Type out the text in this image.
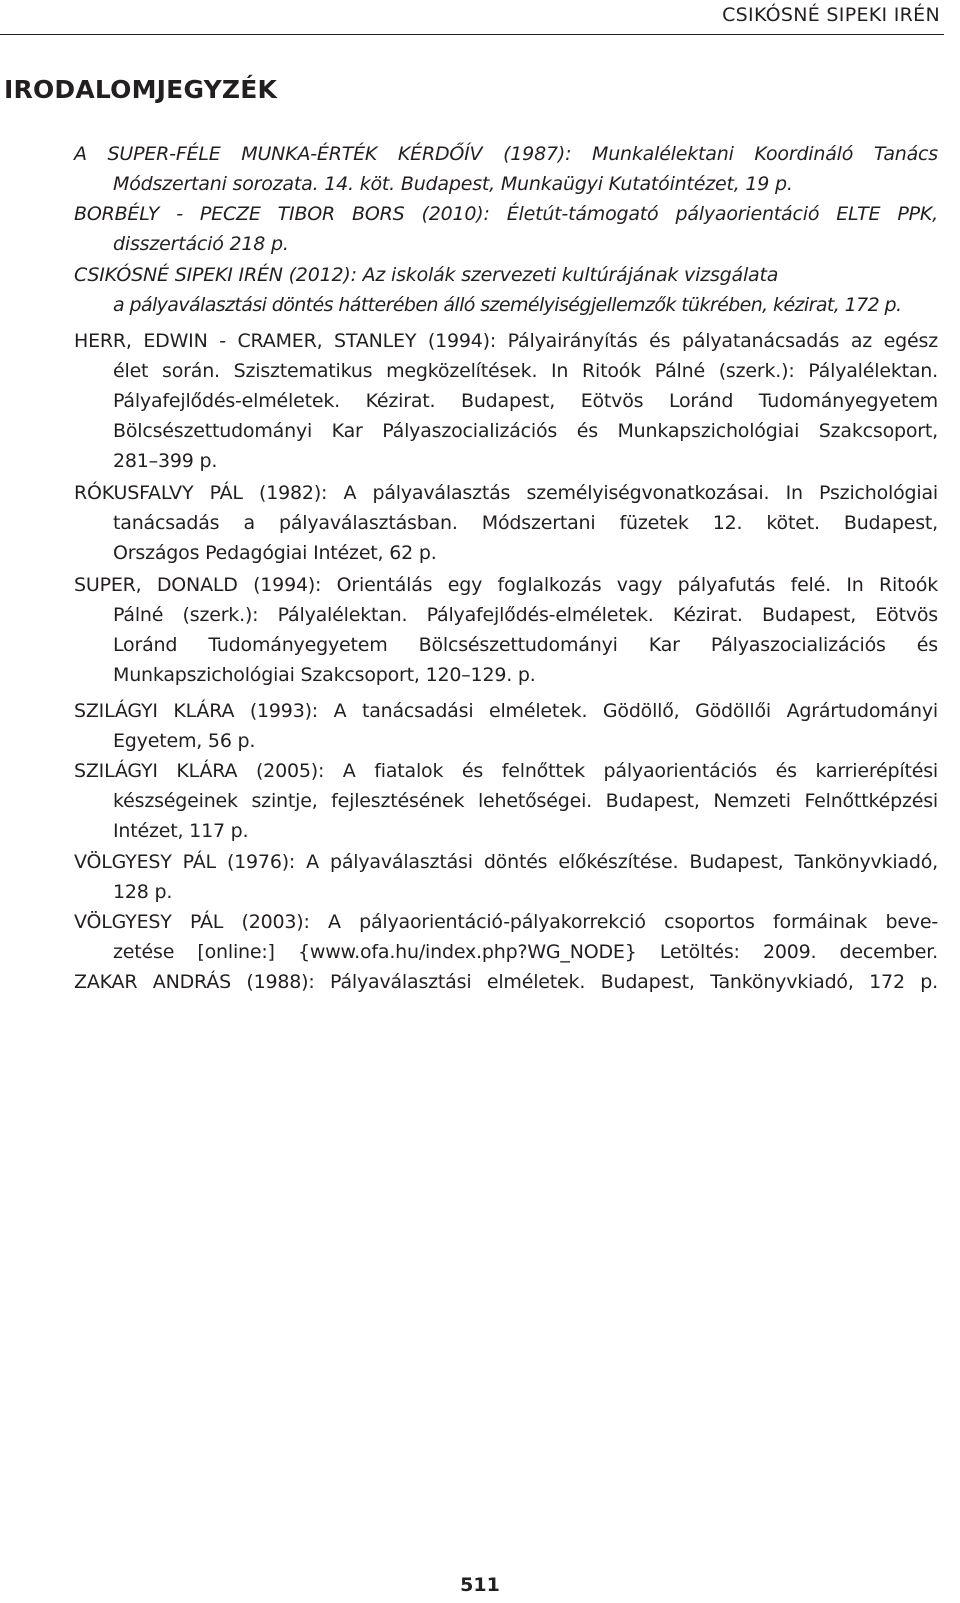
CSIKÓSNÉ SIPEKI IRÉN
IRODALOMJEGYZÉK
A SUPER-FÉLE MUNKA-ÉRTÉK KÉRDŐÍV (1987): Munkalélektani Koordináló Tanács
Módszertani sorozata. 14. köt. Budapest, Munkaügyi Kutatóintézet, 19 p.
BORBÉLY - PECZE TIBOR BORS (2010): Életút-támogató pályaorientáció ELTE PPK,
disszertáció 218 p.
CSIKÓSNÉ SIPEKI IRÉN (2012): Az iskolák szervezeti kultúrájának vizsgálata
a pályaválasztási döntés hátterében álló személyiségjellemzők tükrében, kézirat, 172 p.
HERR, EDWIN - CRAMER, STANLEY (1994): Pályairányítás és pályatanácsadás az egész
élet során. Szisztematikus megközelítések. In Ritoók Pálné (szerk.): Pályalélektan.
Pályafejlődés-elméletek. Kézirat. Budapest, Eötvös Loránd Tudományegyetem
Bölcsészettudományi Kar Pályaszocializációs és Munkapszichológiai Szakcsoport,
281–399 p.
RÓKUSFALVY PÁL (1982): A pályaválasztás személyiségvonatkozásai. In Pszichológiai
tanácsadás a pályaválasztásban. Módszertani füzetek 12. kötet. Budapest,
Országos Pedagógiai Intézet, 62 p.
SUPER, DONALD (1994): Orientálás egy foglalkozás vagy pályafutás felé. In Ritoók
Pálné (szerk.): Pályalélektan. Pályafejlődés-elméletek. Kézirat. Budapest, Eötvös
Loránd Tudományegyetem Bölcsészettudományi Kar Pályaszocializációs és
Munkapszichológiai Szakcsoport, 120–129. p.
SZILÁGYI KLÁRA (1993): A tanácsadási elméletek. Gödöllő, Gödöllői Agrártudományi
Egyetem, 56 p.
SZILÁGYI KLÁRA (2005): A fiatalok és felnőttek pályaorientációs és karrierépítési
készségeinek szintje, fejlesztésének lehetőségei. Budapest, Nemzeti Felnőttképzési
Intézet, 117 p.
VÖLGYESY PÁL (1976): A pályaválasztási döntés előkészítése. Budapest, Tankönyvkiadó,
128 p.
VÖLGYESY PÁL (2003): A pályaorientáció-pályakorrekció csoportos formáinak beve-
zetése [online:] {www.ofa.hu/index.php?WG_NODE} Letöltés: 2009. december.
ZAKAR ANDRÁS (1988): Pályaválasztási elméletek. Budapest, Tankönyvkiadó, 172 p.
511
